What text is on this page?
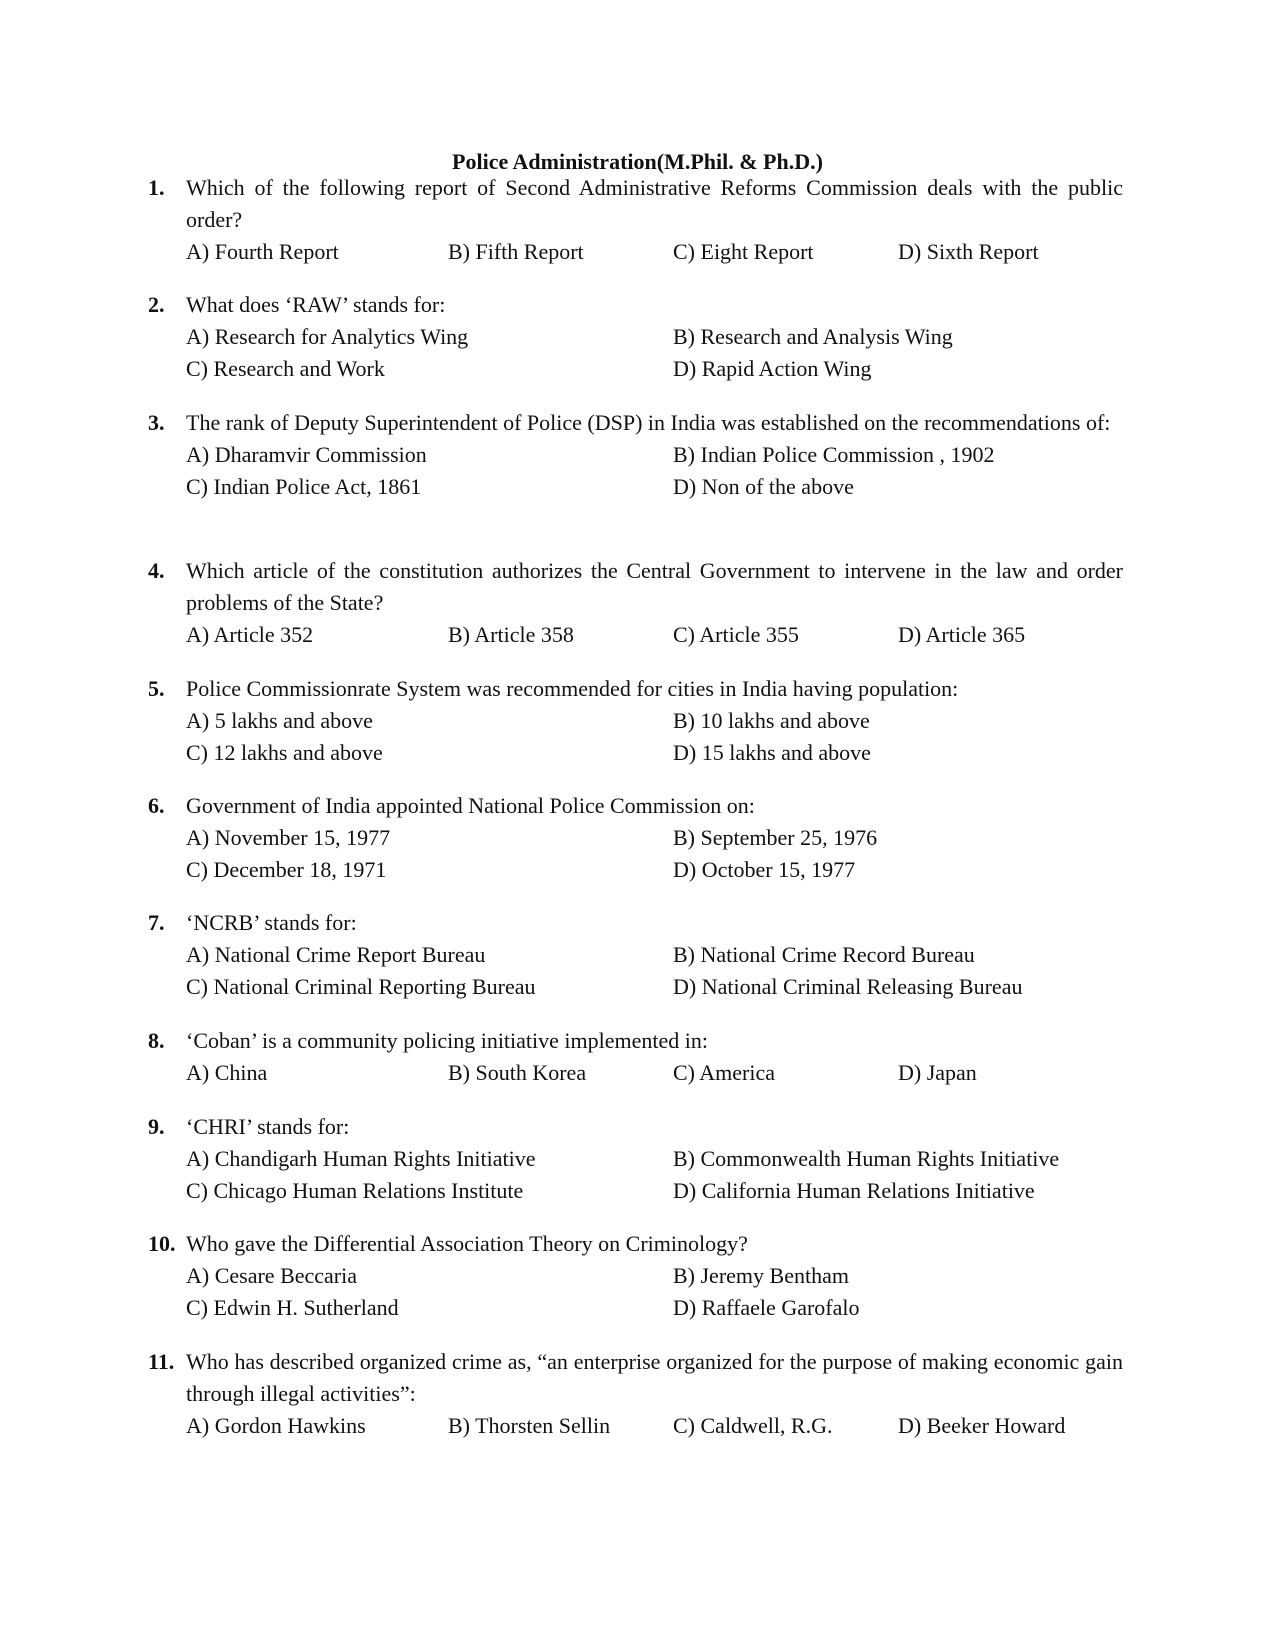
Police Administration(M.Phil. & Ph.D.)
1. Which of the following report of Second Administrative Reforms Commission deals with the public order?
A) Fourth Report	B) Fifth Report	C) Eight Report	D) Sixth Report
2. What does ‘RAW’ stands for:
A) Research for Analytics Wing	B) Research and Analysis Wing
C) Research and Work	D) Rapid Action Wing
3. The rank of Deputy Superintendent of Police (DSP) in India was established on the recommendations of:
A) Dharamvir Commission	B) Indian Police Commission , 1902
C) Indian Police Act, 1861	D) Non of the above
4. Which article of the constitution authorizes the Central Government to intervene in the law and order problems of the State?
A) Article 352	B) Article 358	C) Article 355	D) Article 365
5. Police Commissionrate System was recommended for cities in India having population:
A) 5 lakhs and above	B) 10 lakhs and above
C) 12 lakhs and above	D) 15 lakhs and above
6. Government of India appointed National Police Commission on:
A) November 15, 1977	B) September 25, 1976
C) December 18, 1971	D) October 15, 1977
7. ‘NCRB’ stands for:
A) National Crime Report Bureau	B) National Crime Record Bureau
C) National Criminal Reporting Bureau	D) National Criminal Releasing Bureau
8. ‘Coban’ is a community policing initiative implemented in:
A) China	B) South Korea	C) America	D) Japan
9. ‘CHRI’ stands for:
A) Chandigarh Human Rights Initiative	B) Commonwealth Human Rights Initiative
C) Chicago Human Relations Institute	D) California Human Relations Initiative
10. Who gave the Differential Association Theory on Criminology?
A) Cesare Beccaria	B) Jeremy Bentham
C) Edwin H. Sutherland	D) Raffaele Garofalo
11. Who has described organized crime as, “an enterprise organized for the purpose of making economic gain through illegal activities”:
A) Gordon Hawkins	B) Thorsten Sellin	C) Caldwell, R.G.	D) Beeker Howard
